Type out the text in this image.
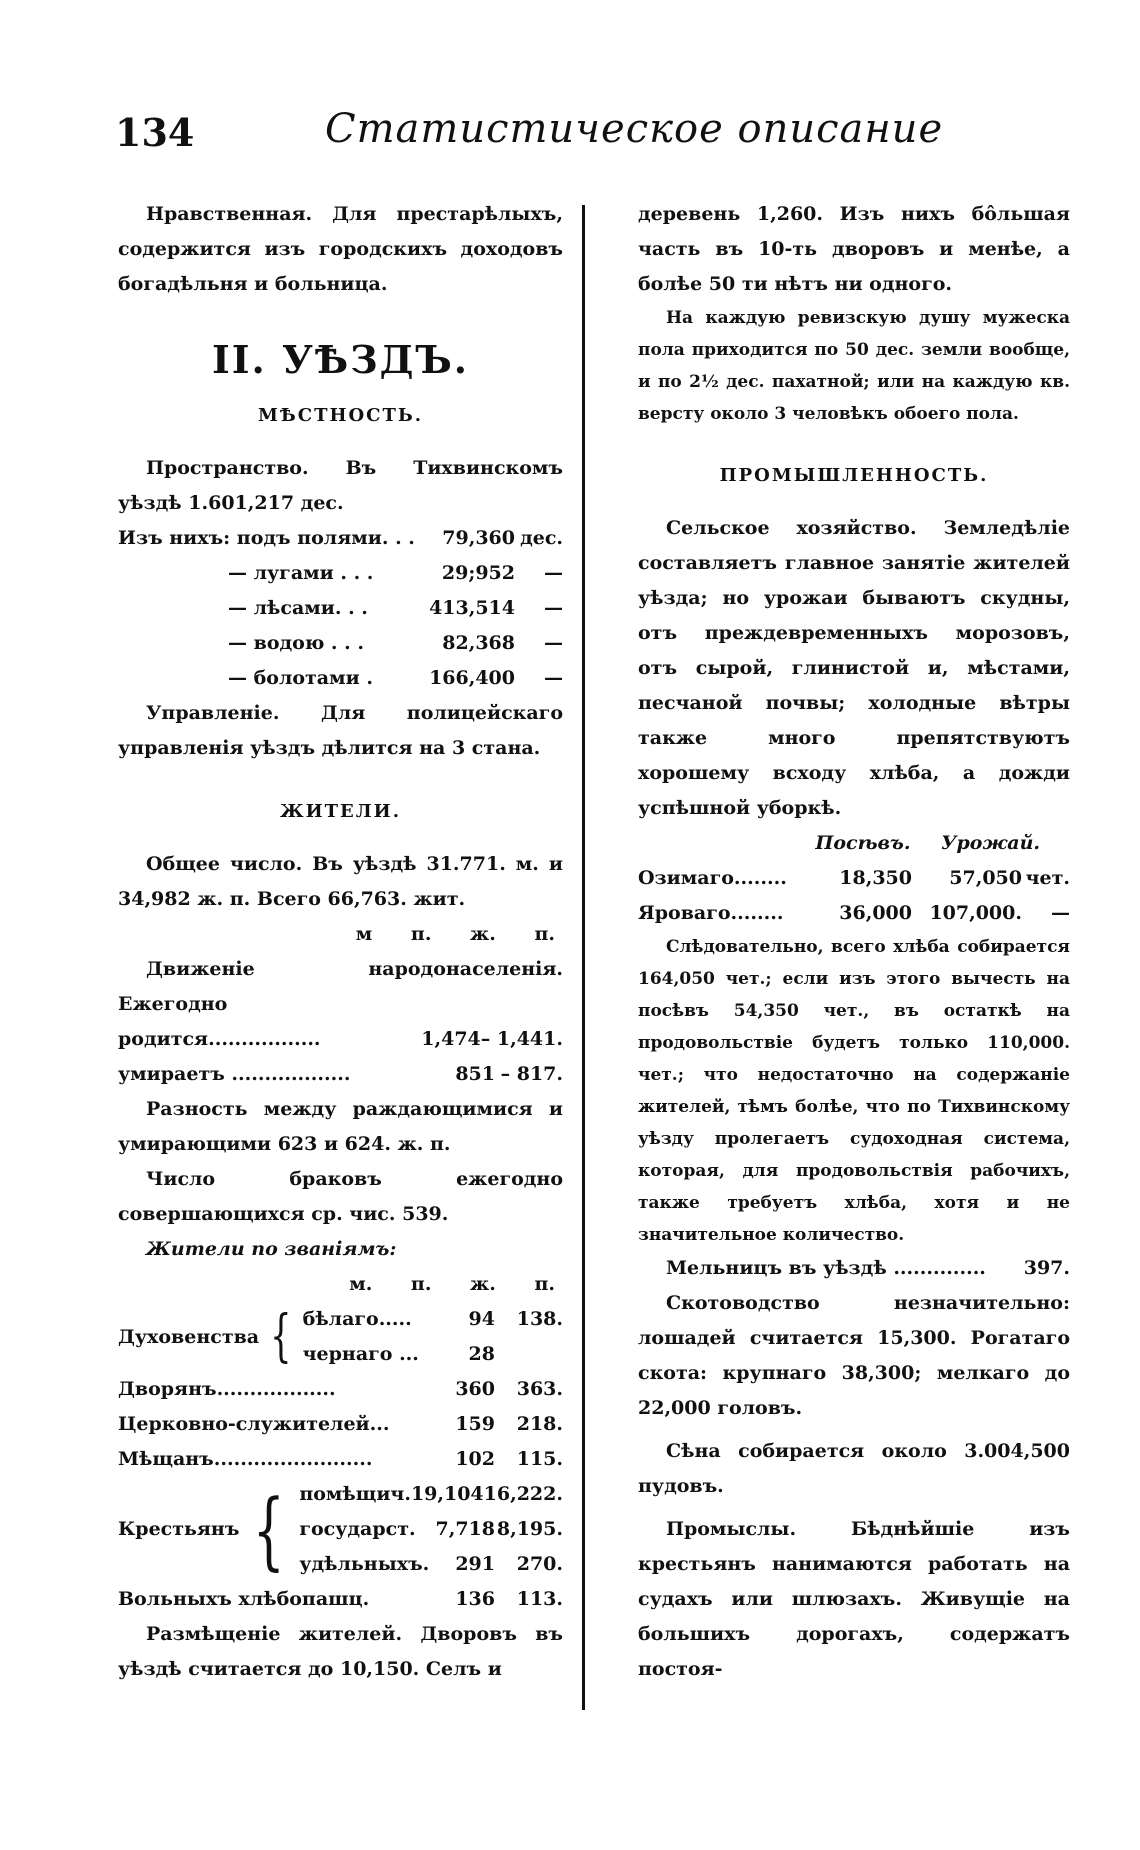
134	Статистическое описание

Нравственная. Для престарѣлыхъ, содержится изъ городскихъ доходовъ богадѣльня и больница.

II. УѢЗДЪ.
МѢСТНОСТЬ.

Пространство. Въ Тихвинскомъ уѣздѣ 1.601,217 дес.

Изъ нихъ: подъ полями. . .	79,360 дес.
— лугами . . .	29;952	—
— лѣсами. . .	413,514	—
— водою . . .	82,368	—
— болотами .	166,400	—

Управленіе. Для полицейскаго управленія уѣздъ дѣлится на 3 стана.

ЖИТЕЛИ.

Общее число. Въ уѣздѣ 31.771. м. и 34,982 ж. п. Всего 66,763. жит.

м п. ж. п.

Движеніе народонаселенія. Ежегодно

родится.................	1,474 – 1,441.
умираетъ ..................	851 – 817.

Разность между раждающимися и умирающими 623 и 624. ж. п.

Число браковъ ежегодно совершающихся ср. чис. 539.

Жители по званіямъ:

м. п. ж. п.
Духовенства { бѣлаго.....	94	138.
чернаго ...	28
Дворянъ..................	360	363.
Церковно-служителей...	159	218.
Мѣщанъ........................	102	115.
Крестьянъ { помѣщич. 19,104 16,222.
государст.	7,718 8,195.
удѣльныхъ.	291	270.
Вольныхъ хлѣбопашц.	136	113.

Размѣщеніе жителей. Дворовъ въ уѣздѣ считается до 10,150. Селъ и

деревень 1,260. Изъ нихъ бо̂льшая часть въ 10-ть дворовъ и менѣе, а болѣе 50 ти нѣтъ ни одного.

На каждую ревизскую душу мужеска пола приходится по 50 дес. земли вообще, и по 2½ дес. пахатной; или на каждую кв. версту около 3 человѣкъ обоего пола.

ПРОМЫШЛЕННОСТЬ.

Сельское хозяйство. Земледѣліе составляетъ главное занятіе жителей уѣзда; но урожаи бываютъ скудны, отъ преждевременныхъ морозовъ, отъ сырой, глинистой и, мѣстами, песчаной почвы; холодные вѣтры также много препятствуютъ хорошему всходу хлѣба, а дожди успѣшной уборкѣ.

Посѣвъ. Урожай.
Озимаго........	18,350	57,050 чет.
Яроваго........	36,000 107,000.	—

Слѣдовательно, всего хлѣба собирается 164,050 чет.; если изъ этого вычесть на посѣвъ 54,350 чет., въ остаткѣ на продовольствіе будетъ только 110,000. чет.; что недостаточно на содержаніе жителей, тѣмъ болѣе, что по Тихвинскому уѣзду пролегаетъ судоходная система, которая, для продовольствія рабочихъ, также требуетъ хлѣба, хотя и не значительное количество.

Мельницъ въ уѣздѣ ..............	397.

Скотоводство незначительно: лошадей считается 15,300. Рогатаго скота: крупнаго 38,300; мелкаго до 22,000 головъ.

Сѣна собирается около 3.004,500 пудовъ.

Промыслы. Бѣднѣйшіе изъ крестьянъ нанимаются работать на судахъ или шлюзахъ. Живущіе на большихъ дорогахъ, содержатъ постоя-
